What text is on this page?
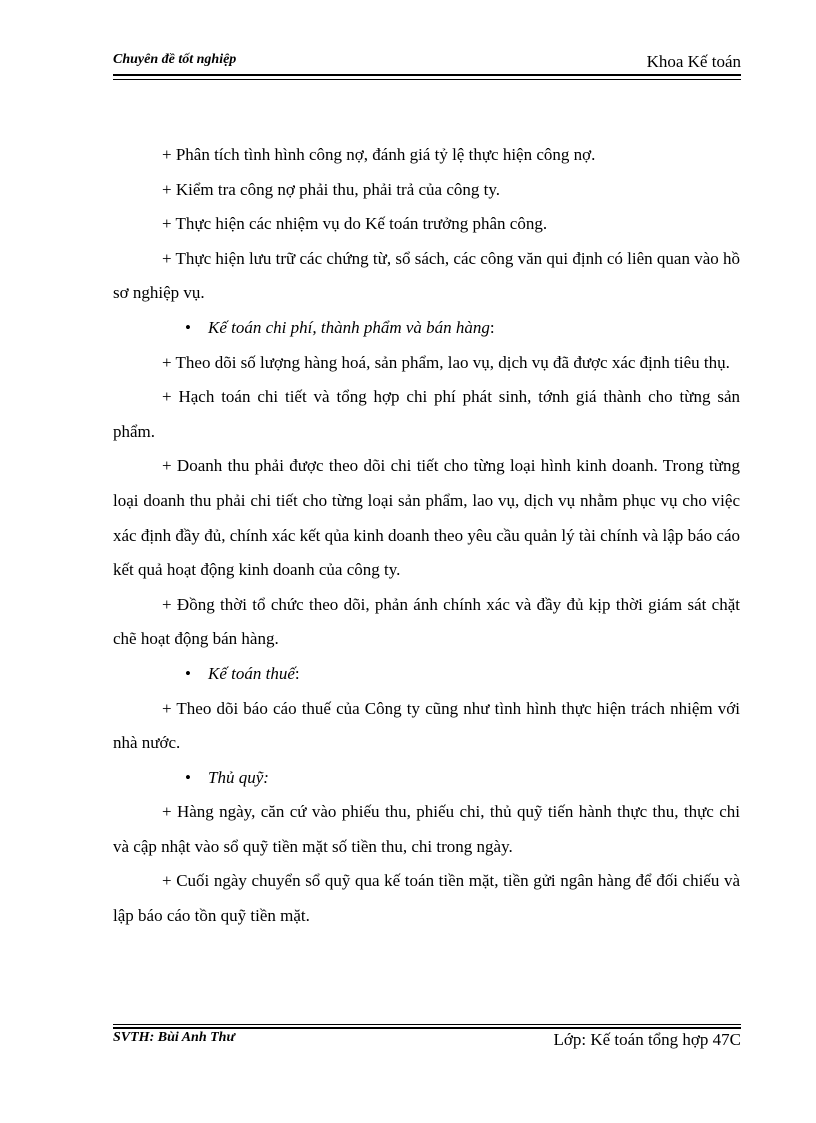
Chuyên đề tốt nghiệp	Khoa Kế toán

+ Phân tích tình hình công nợ, đánh giá tỷ lệ thực hiện công nợ.

+ Kiểm tra công nợ phải thu, phải trả của công ty.

+ Thực hiện các nhiệm vụ do Kế toán trưởng phân công.

+ Thực hiện lưu trữ các chứng từ, sổ sách, các công văn qui định có liên quan vào hồ sơ nghiệp vụ.

• Kế toán chi phí, thành phẩm và bán hàng:

+ Theo dõi số lượng hàng hoá, sản phẩm, lao vụ, dịch vụ đã được xác định tiêu thụ.

+ Hạch toán chi tiết và tổng hợp chi phí phát sinh, tớnh giá thành cho từng sản phẩm.

+ Doanh thu phải được theo dõi chi tiết cho từng loại hình kinh doanh. Trong từng loại doanh thu phải chi tiết cho từng loại sản phẩm, lao vụ, dịch vụ nhằm phục vụ cho việc xác định đầy đủ, chính xác kết qủa kinh doanh theo yêu cầu quản lý tài chính và lập báo cáo kết quả hoạt động kinh doanh của công ty.

+ Đồng thời tổ chức theo dõi, phản ánh chính xác và đầy đủ kịp thời giám sát chặt chẽ hoạt động bán hàng.

• Kế toán thuế:

+ Theo dõi báo cáo thuế của Công ty cũng như tình hình thực hiện trách nhiệm với nhà nước.

• Thủ quỹ:

+ Hàng ngày, căn cứ vào phiếu thu, phiếu chi, thủ quỹ tiến hành thực thu, thực chi và cập nhật vào sổ quỹ tiền mặt số tiền thu, chi trong ngày.

+ Cuối ngày chuyển sổ quỹ qua kế toán tiền mặt, tiền gửi ngân hàng để đối chiếu và lập báo cáo tồn quỹ tiền mặt.

SVTH: Bùi Anh Thư	Lớp: Kế toán tổng hợp 47C
